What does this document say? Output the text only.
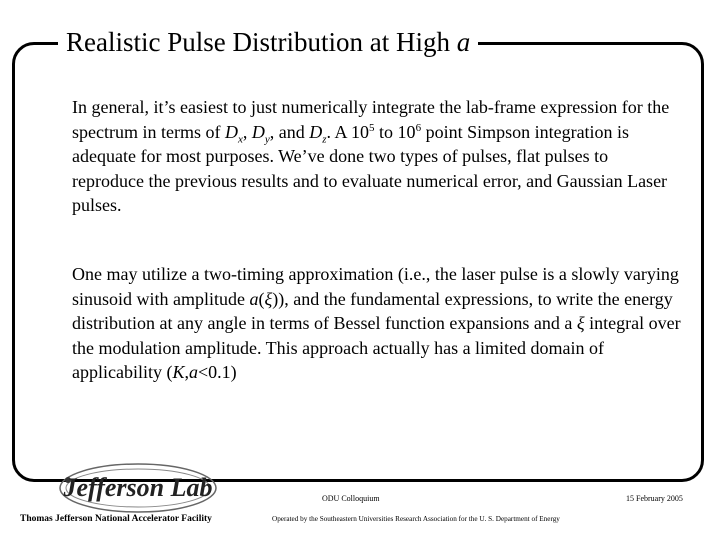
Realistic Pulse Distribution at High a
In general, it’s easiest to just numerically integrate the lab-frame expression for the spectrum in terms of $D_x$, $D_y$, and $D_z$. A $10^5$ to $10^6$ point Simpson integration is adequate for most purposes. We’ve done two types of pulses, flat pulses to reproduce the previous results and to evaluate numerical error, and Gaussian Laser pulses.
One may utilize a two-timing approximation (i.e., the laser pulse is a slowly varying sinusoid with amplitude a(ξ)), and the fundamental expressions, to write the energy distribution at any angle in terms of Bessel function expansions and a ξ integral over the modulation amplitude. This approach actually has a limited domain of applicability (K,a<0.1)
Jefferson Lab
Thomas Jefferson National Accelerator Facility
ODU Colloquium	15 February 2005
Operated by the Southeastern Universities Research Association for the U. S. Department of Energy
